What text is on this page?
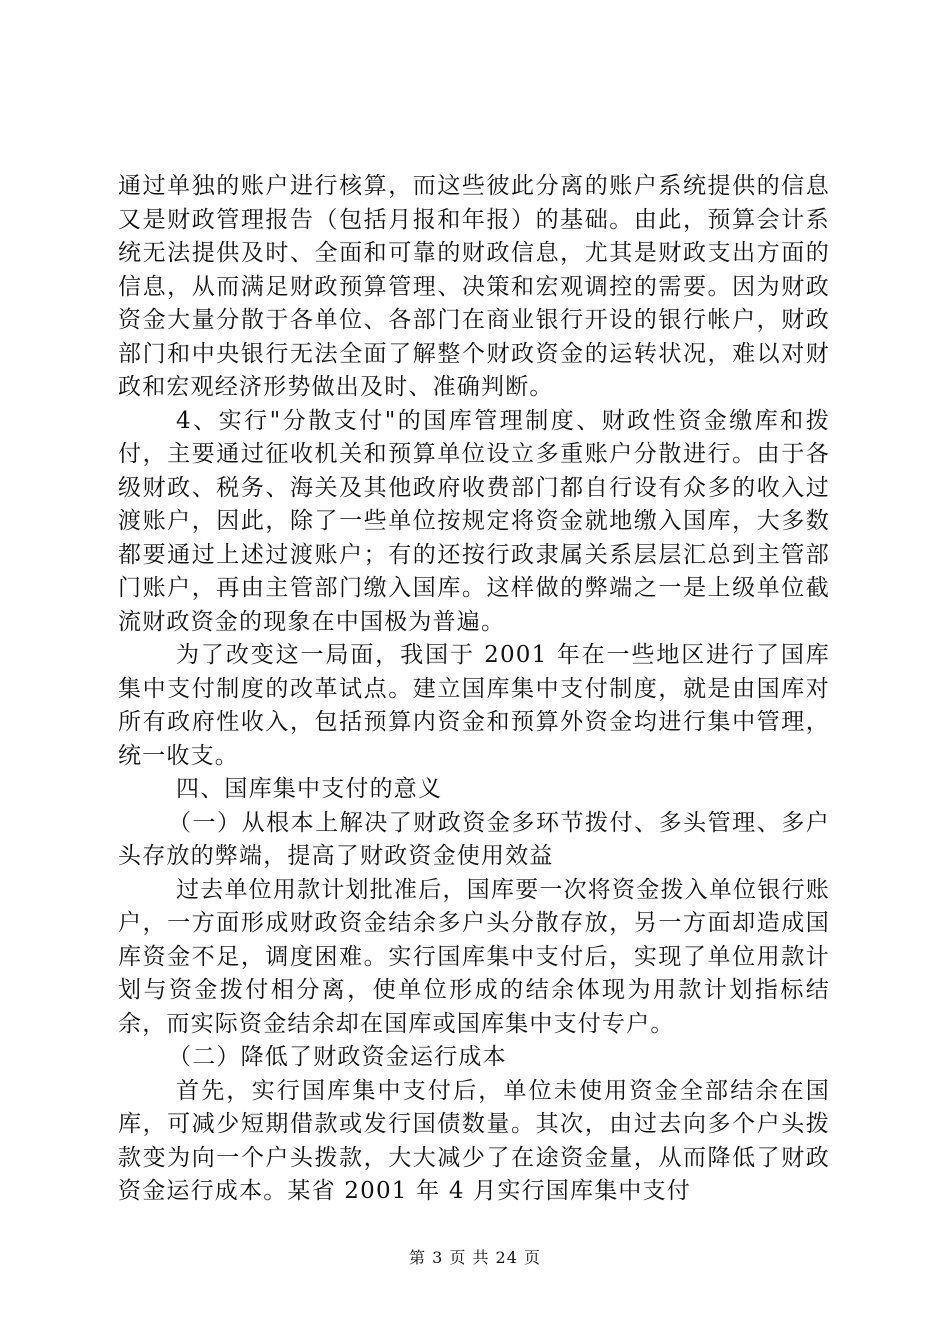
通过单独的账户进行核算，而这些彼此分离的账户系统提供的信息又是财政管理报告（包括月报和年报）的基础。由此，预算会计系统无法提供及时、全面和可靠的财政信息，尤其是财政支出方面的信息，从而满足财政预算管理、决策和宏观调控的需要。因为财政资金大量分散于各单位、各部门在商业银行开设的银行帐户，财政部门和中央银行无法全面了解整个财政资金的运转状况，难以对财政和宏观经济形势做出及时、准确判断。

4、实行"分散支付"的国库管理制度、财政性资金缴库和拨付，主要通过征收机关和预算单位设立多重账户分散进行。由于各级财政、税务、海关及其他政府收费部门都自行设有众多的收入过渡账户，因此，除了一些单位按规定将资金就地缴入国库，大多数都要通过上述过渡账户；有的还按行政隶属关系层层汇总到主管部门账户，再由主管部门缴入国库。这样做的弊端之一是上级单位截流财政资金的现象在中国极为普遍。

为了改变这一局面，我国于 2001 年在一些地区进行了国库集中支付制度的改革试点。建立国库集中支付制度，就是由国库对所有政府性收入，包括预算内资金和预算外资金均进行集中管理，统一收支。

四、国库集中支付的意义

（一）从根本上解决了财政资金多环节拨付、多头管理、多户头存放的弊端，提高了财政资金使用效益

过去单位用款计划批准后，国库要一次将资金拨入单位银行账户，一方面形成财政资金结余多户头分散存放，另一方面却造成国库资金不足，调度困难。实行国库集中支付后，实现了单位用款计划与资金拨付相分离，使单位形成的结余体现为用款计划指标结余，而实际资金结余却在国库或国库集中支付专户。

（二）降低了财政资金运行成本

首先，实行国库集中支付后，单位未使用资金全部结余在国库，可减少短期借款或发行国债数量。其次，由过去向多个户头拨款变为向一个户头拨款，大大减少了在途资金量，从而降低了财政资金运行成本。某省 2001 年 4 月实行国库集中支付

第 3 页 共 24 页
